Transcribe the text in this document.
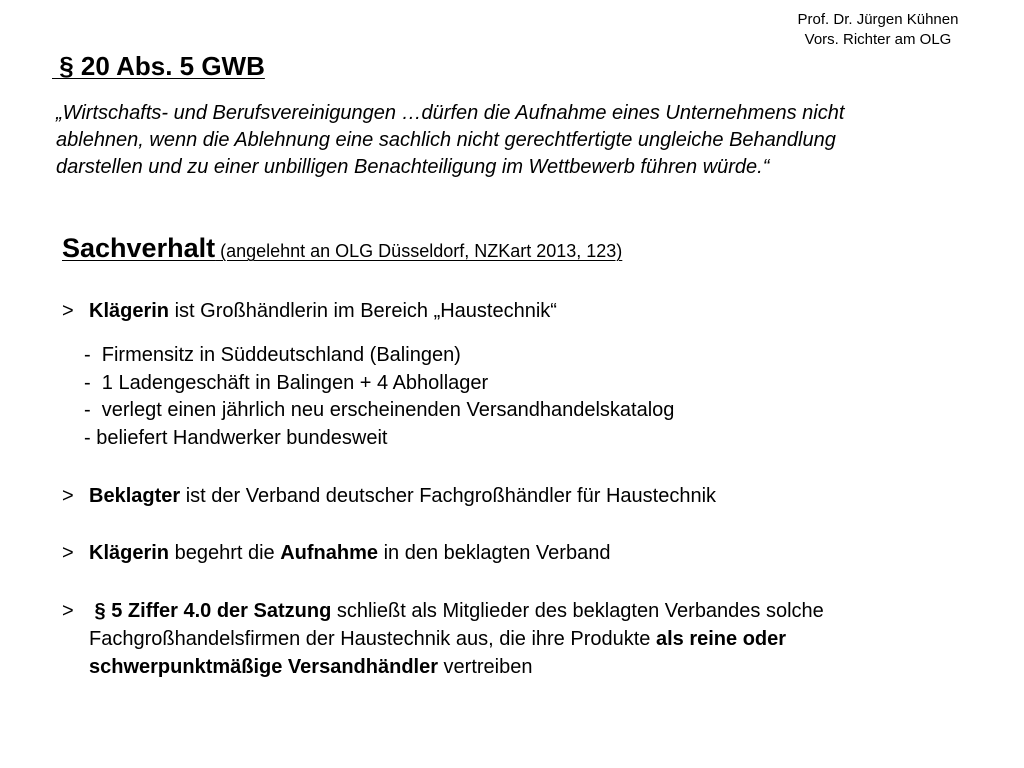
Prof. Dr. Jürgen Kühnen
Vors. Richter am OLG
§ 20 Abs. 5 GWB
„Wirtschafts- und Berufsvereinigungen …dürfen die Aufnahme eines Unternehmens nicht
ablehnen, wenn die Ablehnung eine sachlich nicht gerechtfertigte ungleiche Behandlung
darstellen und zu einer unbilligen Benachteiligung im Wettbewerb führen würde.“
Sachverhalt (angelehnt an OLG Düsseldorf, NZKart 2013, 123)
> Klägerin ist Großhändlerin im Bereich „Haustechnik“
-  Firmensitz in Süddeutschland (Balingen)
-  1 Ladengeschäft in Balingen + 4 Abhollager
-  verlegt einen jährlich neu erscheinenden Versandhandelskatalog
- beliefert Handwerker bundesweit
> Beklagter ist der Verband deutscher Fachgroßhändler für Haustechnik
> Klägerin begehrt die Aufnahme in den beklagten Verband
> § 5 Ziffer 4.0 der Satzung schließt als Mitglieder des beklagten Verbandes solche
Fachgroßhandelsfirmen der Haustechnik aus, die ihre Produkte als reine oder
schwerpunktmäßige Versandhändler vertreiben
